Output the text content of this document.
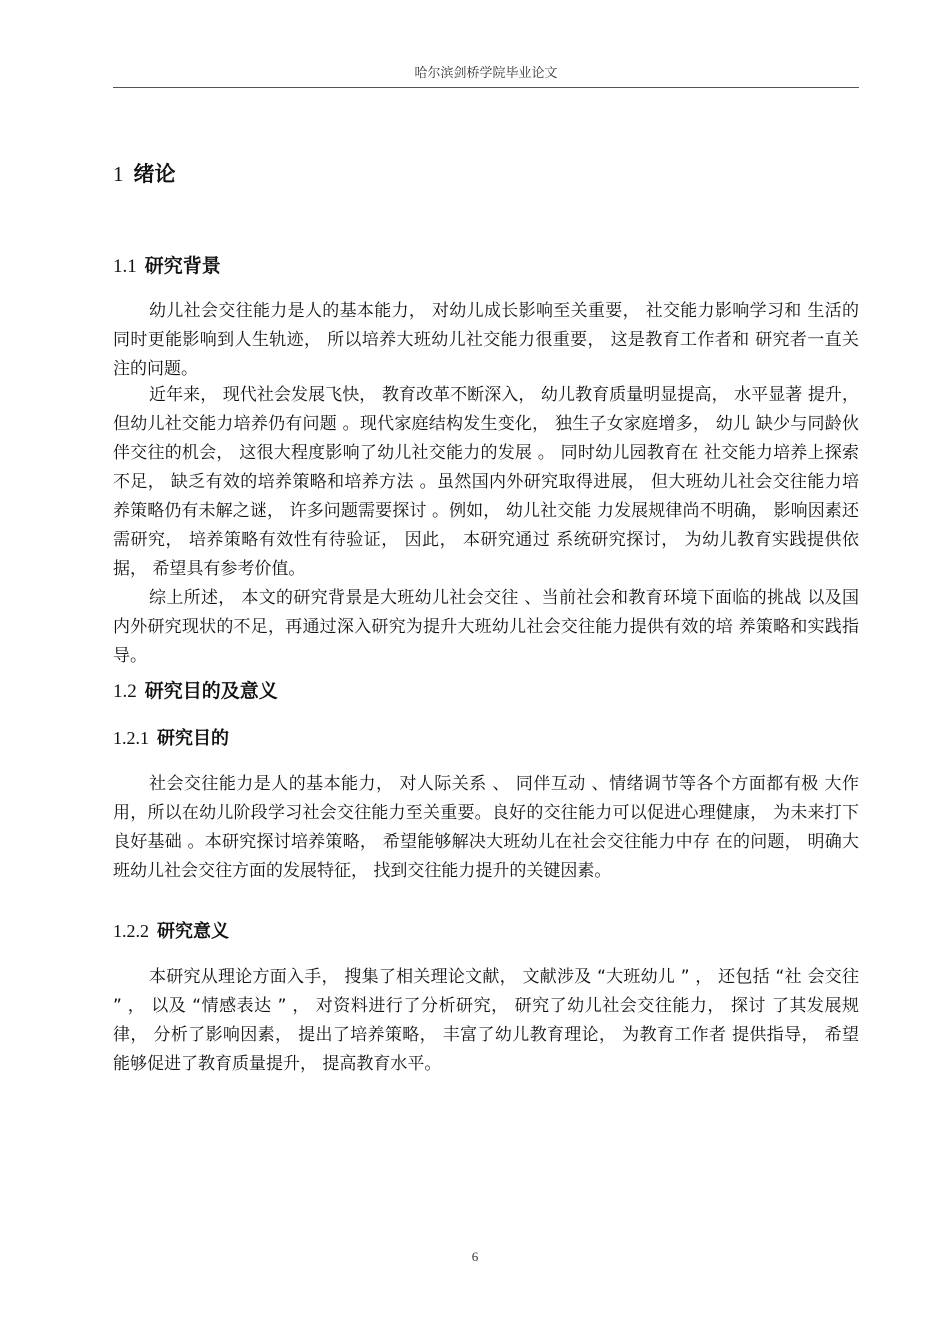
哈尔滨剑桥学院毕业论文
1 绪论
1.1 研究背景

幼儿社会交往能力是人的基本能力， 对幼儿成长影响至关重要， 社交能力影响学习和 生活的同时更能影响到人生轨迹， 所以培养大班幼儿社交能力很重要， 这是教育工作者和 研究者一直关注的问题。

近年来， 现代社会发展飞快， 教育改革不断深入， 幼儿教育质量明显提高， 水平显著 提升， 但幼儿社交能力培养仍有问题 。现代家庭结构发生变化， 独生子女家庭增多， 幼儿 缺少与同龄伙伴交往的机会， 这很大程度影响了幼儿社交能力的发展 。 同时幼儿园教育在 社交能力培养上探索不足， 缺乏有效的培养策略和培养方法 。虽然国内外研究取得进展， 但大班幼儿社会交往能力培养策略仍有未解之谜， 许多问题需要探讨 。例如， 幼儿社交能 力发展规律尚不明确， 影响因素还需研究， 培养策略有效性有待验证， 因此， 本研究通过 系统研究探讨， 为幼儿教育实践提供依据， 希望具有参考价值。

综上所述， 本文的研究背景是大班幼儿社会交往 、当前社会和教育环境下面临的挑战 以及国内外研究现状的不足，再通过深入研究为提升大班幼儿社会交往能力提供有效的培 养策略和实践指导。

1.2 研究目的及意义
1.2.1 研究目的

社会交往能力是人的基本能力， 对人际关系 、 同伴互动 、情绪调节等各个方面都有极 大作用，所以在幼儿阶段学习社会交往能力至关重要。良好的交往能力可以促进心理健康， 为未来打下良好基础 。本研究探讨培养策略， 希望能够解决大班幼儿在社会交往能力中存 在的问题， 明确大班幼儿社会交往方面的发展特征， 找到交往能力提升的关键因素。

1.2.2 研究意义

本研究从理论方面入手， 搜集了相关理论文献， 文献涉及 “大班幼儿 ” ， 还包括 “社 会交往 ” ， 以及 “情感表达 ” ， 对资料进行了分析研究， 研究了幼儿社会交往能力， 探讨 了其发展规律， 分析了影响因素， 提出了培养策略， 丰富了幼儿教育理论， 为教育工作者 提供指导， 希望能够促进了教育质量提升， 提高教育水平。

6
